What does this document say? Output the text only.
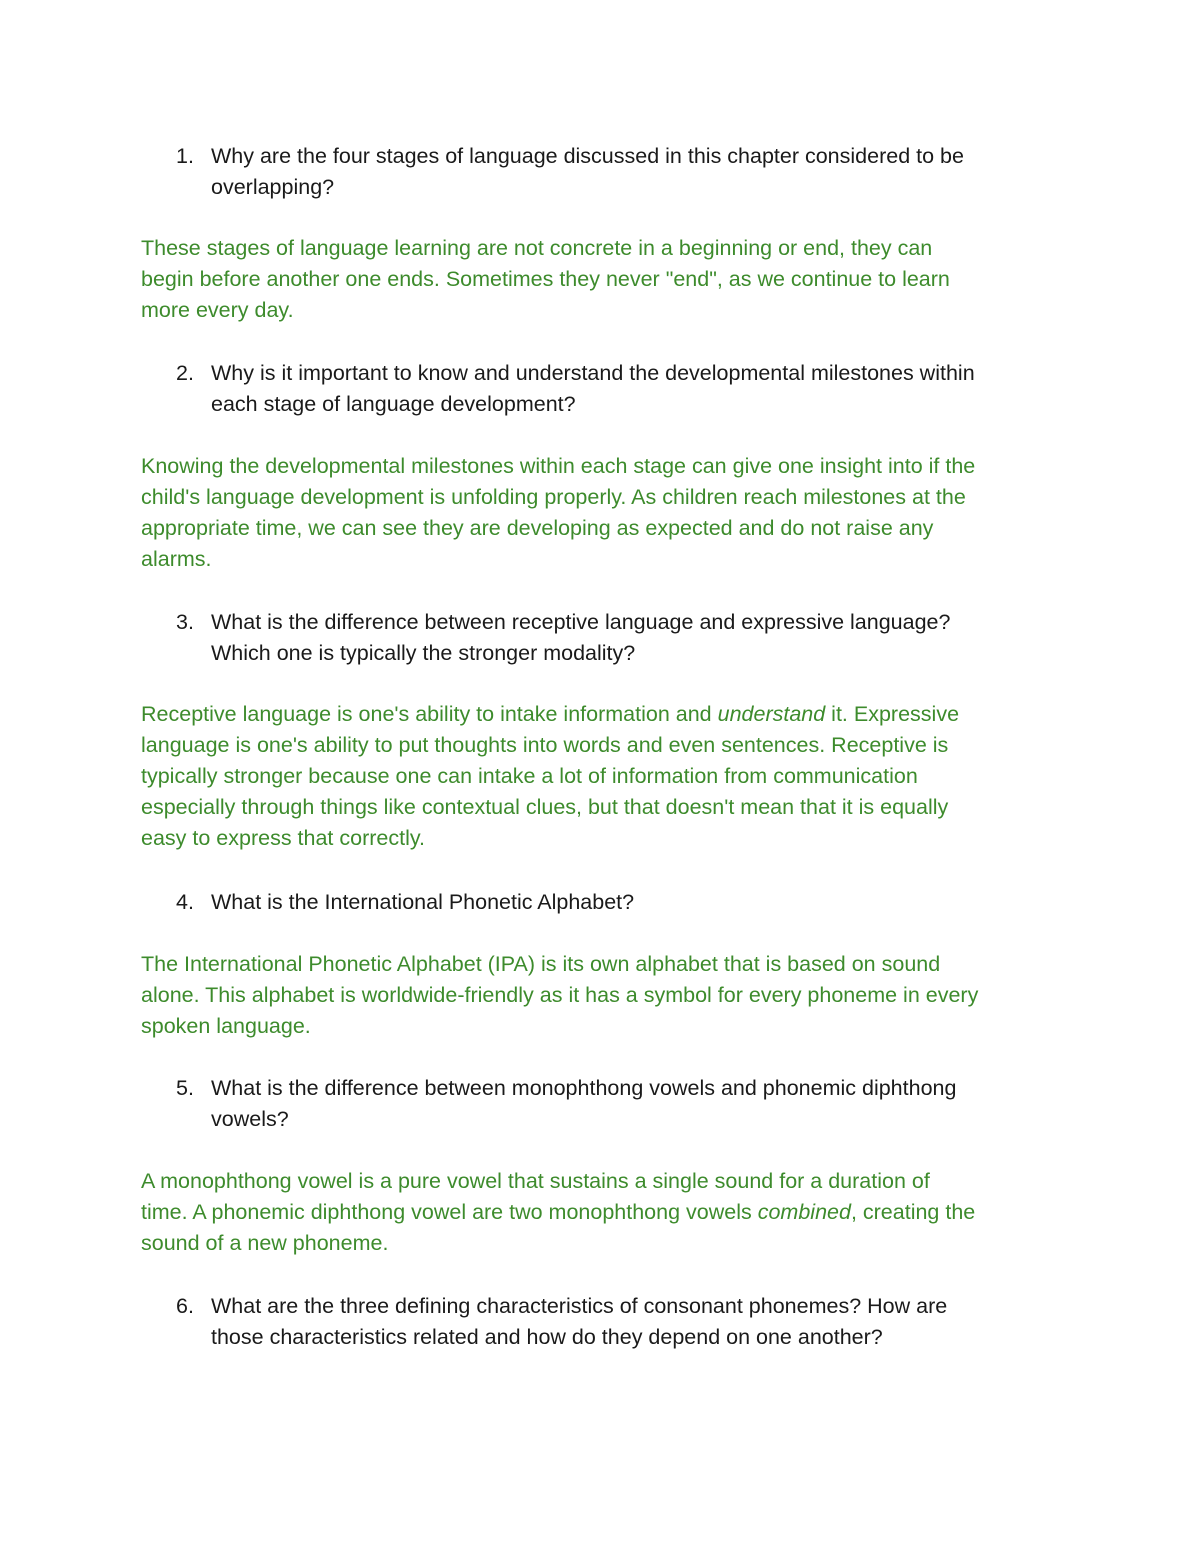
1. Why are the four stages of language discussed in this chapter considered to be
overlapping?
These stages of language learning are not concrete in a beginning or end, they can
begin before another one ends. Sometimes they never "end", as we continue to learn
more every day.
2. Why is it important to know and understand the developmental milestones within
each stage of language development?
Knowing the developmental milestones within each stage can give one insight into if the
child's language development is unfolding properly. As children reach milestones at the
appropriate time, we can see they are developing as expected and do not raise any
alarms.
3. What is the difference between receptive language and expressive language?
Which one is typically the stronger modality?
Receptive language is one's ability to intake information and understand it. Expressive
language is one's ability to put thoughts into words and even sentences. Receptive is
typically stronger because one can intake a lot of information from communication
especially through things like contextual clues, but that doesn't mean that it is equally
easy to express that correctly.
4. What is the International Phonetic Alphabet?
The International Phonetic Alphabet (IPA) is its own alphabet that is based on sound
alone. This alphabet is worldwide-friendly as it has a symbol for every phoneme in every
spoken language.
5. What is the difference between monophthong vowels and phonemic diphthong
vowels?
A monophthong vowel is a pure vowel that sustains a single sound for a duration of
time. A phonemic diphthong vowel are two monophthong vowels combined, creating the
sound of a new phoneme.
6. What are the three defining characteristics of consonant phonemes? How are
those characteristics related and how do they depend on one another?
